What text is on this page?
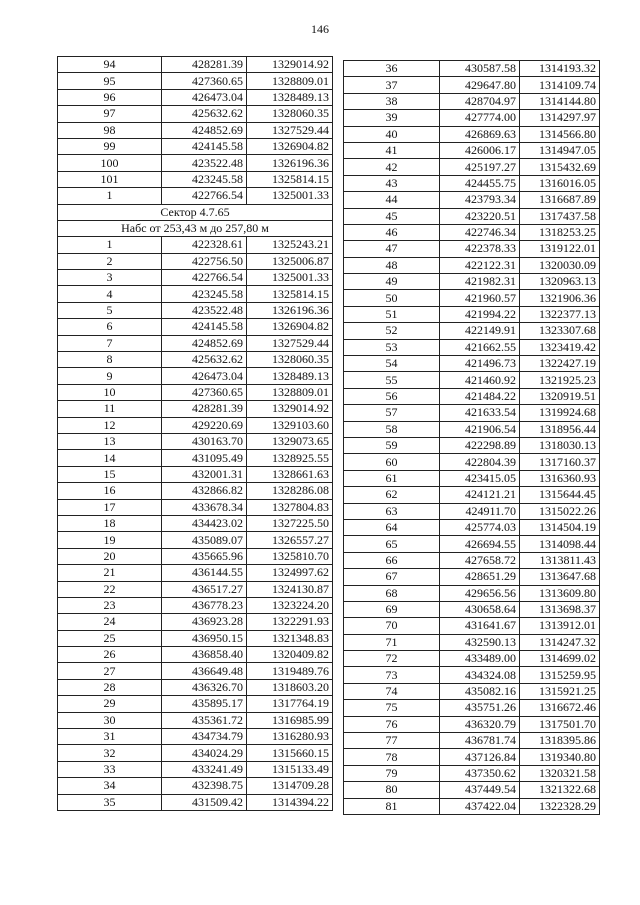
146
94	428281.39	1329014.92
95	427360.65	1328809.01
96	426473.04	1328489.13
97	425632.62	1328060.35
98	424852.69	1327529.44
99	424145.58	1326904.82
100	423522.48	1326196.36
101	423245.58	1325814.15
1	422766.54	1325001.33
Сектор 4.7.65		
Набс от 253,43 м до 257,80 м		
1	422328.61	1325243.21
2	422756.50	1325006.87
3	422766.54	1325001.33
4	423245.58	1325814.15
5	423522.48	1326196.36
6	424145.58	1326904.82
7	424852.69	1327529.44
8	425632.62	1328060.35
9	426473.04	1328489.13
10	427360.65	1328809.01
11	428281.39	1329014.92
12	429220.69	1329103.60
13	430163.70	1329073.65
14	431095.49	1328925.55
15	432001.31	1328661.63
16	432866.82	1328286.08
17	433678.34	1327804.83
18	434423.02	1327225.50
19	435089.07	1326557.27
20	435665.96	1325810.70
21	436144.55	1324997.62
22	436517.27	1324130.87
23	436778.23	1323224.20
24	436923.28	1322291.93
25	436950.15	1321348.83
26	436858.40	1320409.82
27	436649.48	1319489.76
28	436326.70	1318603.20
29	435895.17	1317764.19
30	435361.72	1316985.99
31	434734.79	1316280.93
32	434024.29	1315660.15
33	433241.49	1315133.49
34	432398.75	1314709.28
35	431509.42	1314394.22
36	430587.58	1314193.32
37	429647.80	1314109.74
38	428704.97	1314144.80
39	427774.00	1314297.97
40	426869.63	1314566.80
41	426006.17	1314947.05
42	425197.27	1315432.69
43	424455.75	1316016.05
44	423793.34	1316687.89
45	423220.51	1317437.58
46	422746.34	1318253.25
47	422378.33	1319122.01
48	422122.31	1320030.09
49	421982.31	1320963.13
50	421960.57	1321906.36
51	421994.22	1322377.13
52	422149.91	1323307.68
53	421662.55	1323419.42
54	421496.73	1322427.19
55	421460.92	1321925.23
56	421484.22	1320919.51
57	421633.54	1319924.68
58	421906.54	1318956.44
59	422298.89	1318030.13
60	422804.39	1317160.37
61	423415.05	1316360.93
62	424121.21	1315644.45
63	424911.70	1315022.26
64	425774.03	1314504.19
65	426694.55	1314098.44
66	427658.72	1313811.43
67	428651.29	1313647.68
68	429656.56	1313609.80
69	430658.64	1313698.37
70	431641.67	1313912.01
71	432590.13	1314247.32
72	433489.00	1314699.02
73	434324.08	1315259.95
74	435082.16	1315921.25
75	435751.26	1316672.46
76	436320.79	1317501.70
77	436781.74	1318395.86
78	437126.84	1319340.80
79	437350.62	1320321.58
80	437449.54	1321322.68
81	437422.04	1322328.29
